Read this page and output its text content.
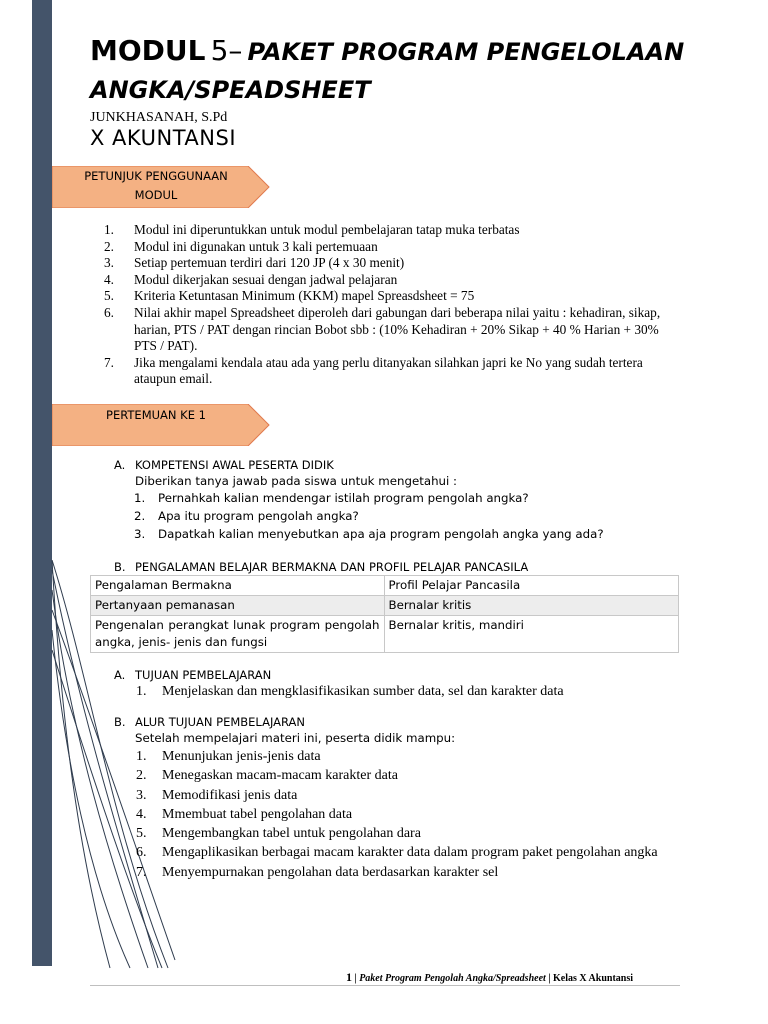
MODUL 5– PAKET PROGRAM PENGELOLAAN
ANGKA/SPEADSHEET
JUNKHASANAH, S.Pd
X AKUNTANSI
PETUNJUK PENGGUNAAN
MODUL
1. Modul ini diperuntukkan untuk modul pembelajaran tatap muka terbatas
2. Modul ini digunakan untuk 3 kali pertemuaan
3. Setiap pertemuan terdiri dari 120 JP (4 x 30 menit)
4. Modul dikerjakan sesuai dengan jadwal pelajaran
5. Kriteria Ketuntasan Minimum (KKM) mapel Spreasdsheet = 75
6. Nilai akhir mapel Spreadsheet diperoleh dari gabungan dari beberapa nilai yaitu : kehadiran, sikap, harian, PTS / PAT dengan rincian Bobot sbb : (10% Kehadiran + 20% Sikap + 40 % Harian + 30% PTS / PAT).
7. Jika mengalami kendala atau ada yang perlu ditanyakan silahkan japri ke No yang sudah tertera ataupun email.
PERTEMUAN KE 1
A. KOMPETENSI AWAL PESERTA DIDIK
Diberikan tanya jawab pada siswa untuk mengetahui :
1. Pernahkah kalian mendengar istilah program pengolah angka?
2. Apa itu program pengolah angka?
3. Dapatkah kalian menyebutkan apa aja program pengolah angka yang ada?
B. PENGALAMAN BELAJAR BERMAKNA DAN PROFIL PELAJAR PANCASILA
Pengalaman Bermakna	Profil Pelajar Pancasila
Pertanyaan pemanasan	Bernalar kritis
Pengenalan perangkat lunak program pengolah angka, jenis- jenis dan fungsi	Bernalar kritis, mandiri
A. TUJUAN PEMBELAJARAN
1. Menjelaskan dan mengklasifikasikan sumber data, sel dan karakter data
B. ALUR TUJUAN PEMBELAJARAN
Setelah mempelajari materi ini, peserta didik mampu:
1. Menunjukan jenis-jenis data
2. Menegaskan macam-macam karakter data
3. Memodifikasi jenis data
4. Mmembuat tabel pengolahan data
5. Mengembangkan tabel untuk pengolahan dara
6. Mengaplikasikan berbagai macam karakter data dalam program paket pengolahan angka
7. Menyempurnakan pengolahan data berdasarkan karakter sel
1 | Paket Program Pengolah Angka/Spreadsheet | Kelas X Akuntansi
